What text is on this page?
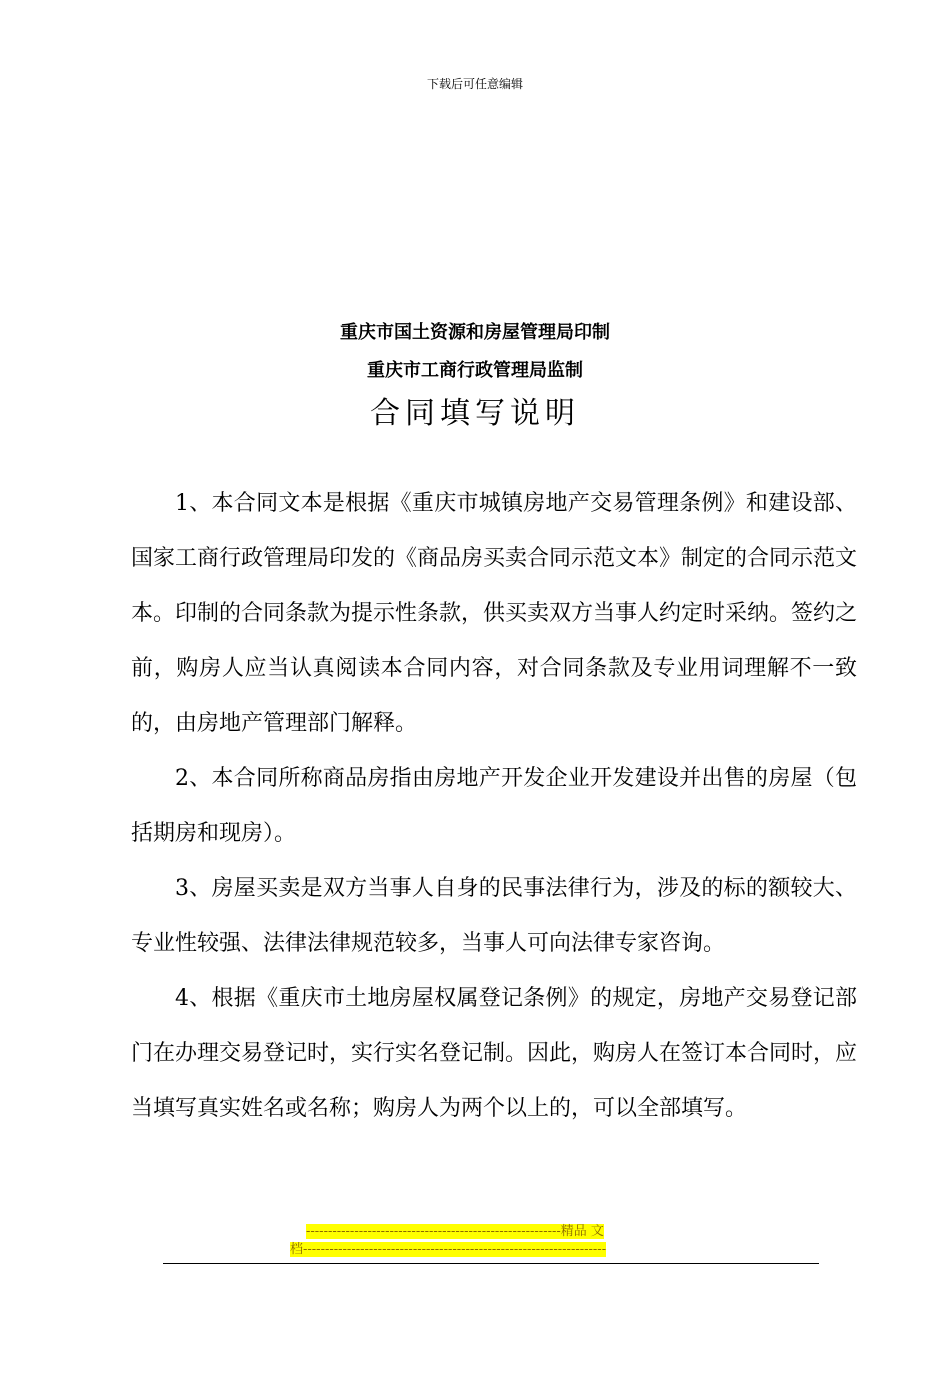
下载后可任意编辑
重庆市国土资源和房屋管理局印制
重庆市工商行政管理局监制
合同填写说明

1、本合同文本是根据《重庆市城镇房地产交易管理条例》和建设部、国家工商行政管理局印发的《商品房买卖合同示范文本》制定的合同示范文本。印制的合同条款为提示性条款，供买卖双方当事人约定时采纳。签约之前，购房人应当认真阅读本合同内容，对合同条款及专业用词理解不一致的，由房地产管理部门解释。

2、本合同所称商品房指由房地产开发企业开发建设并出售的房屋（包括期房和现房）。

3、房屋买卖是双方当事人自身的民事法律行为，涉及的标的额较大、专业性较强、法律法律规范较多，当事人可向法律专家咨询。

4、根据《重庆市土地房屋权属登记条例》的规定，房地产交易登记部门在办理交易登记时，实行实名登记制。因此，购房人在签订本合同时，应当填写真实姓名或名称；购房人为两个以上的，可以全部填写。

----------------------------------------------------------精品 文
档---------------------------------------------------------------------
